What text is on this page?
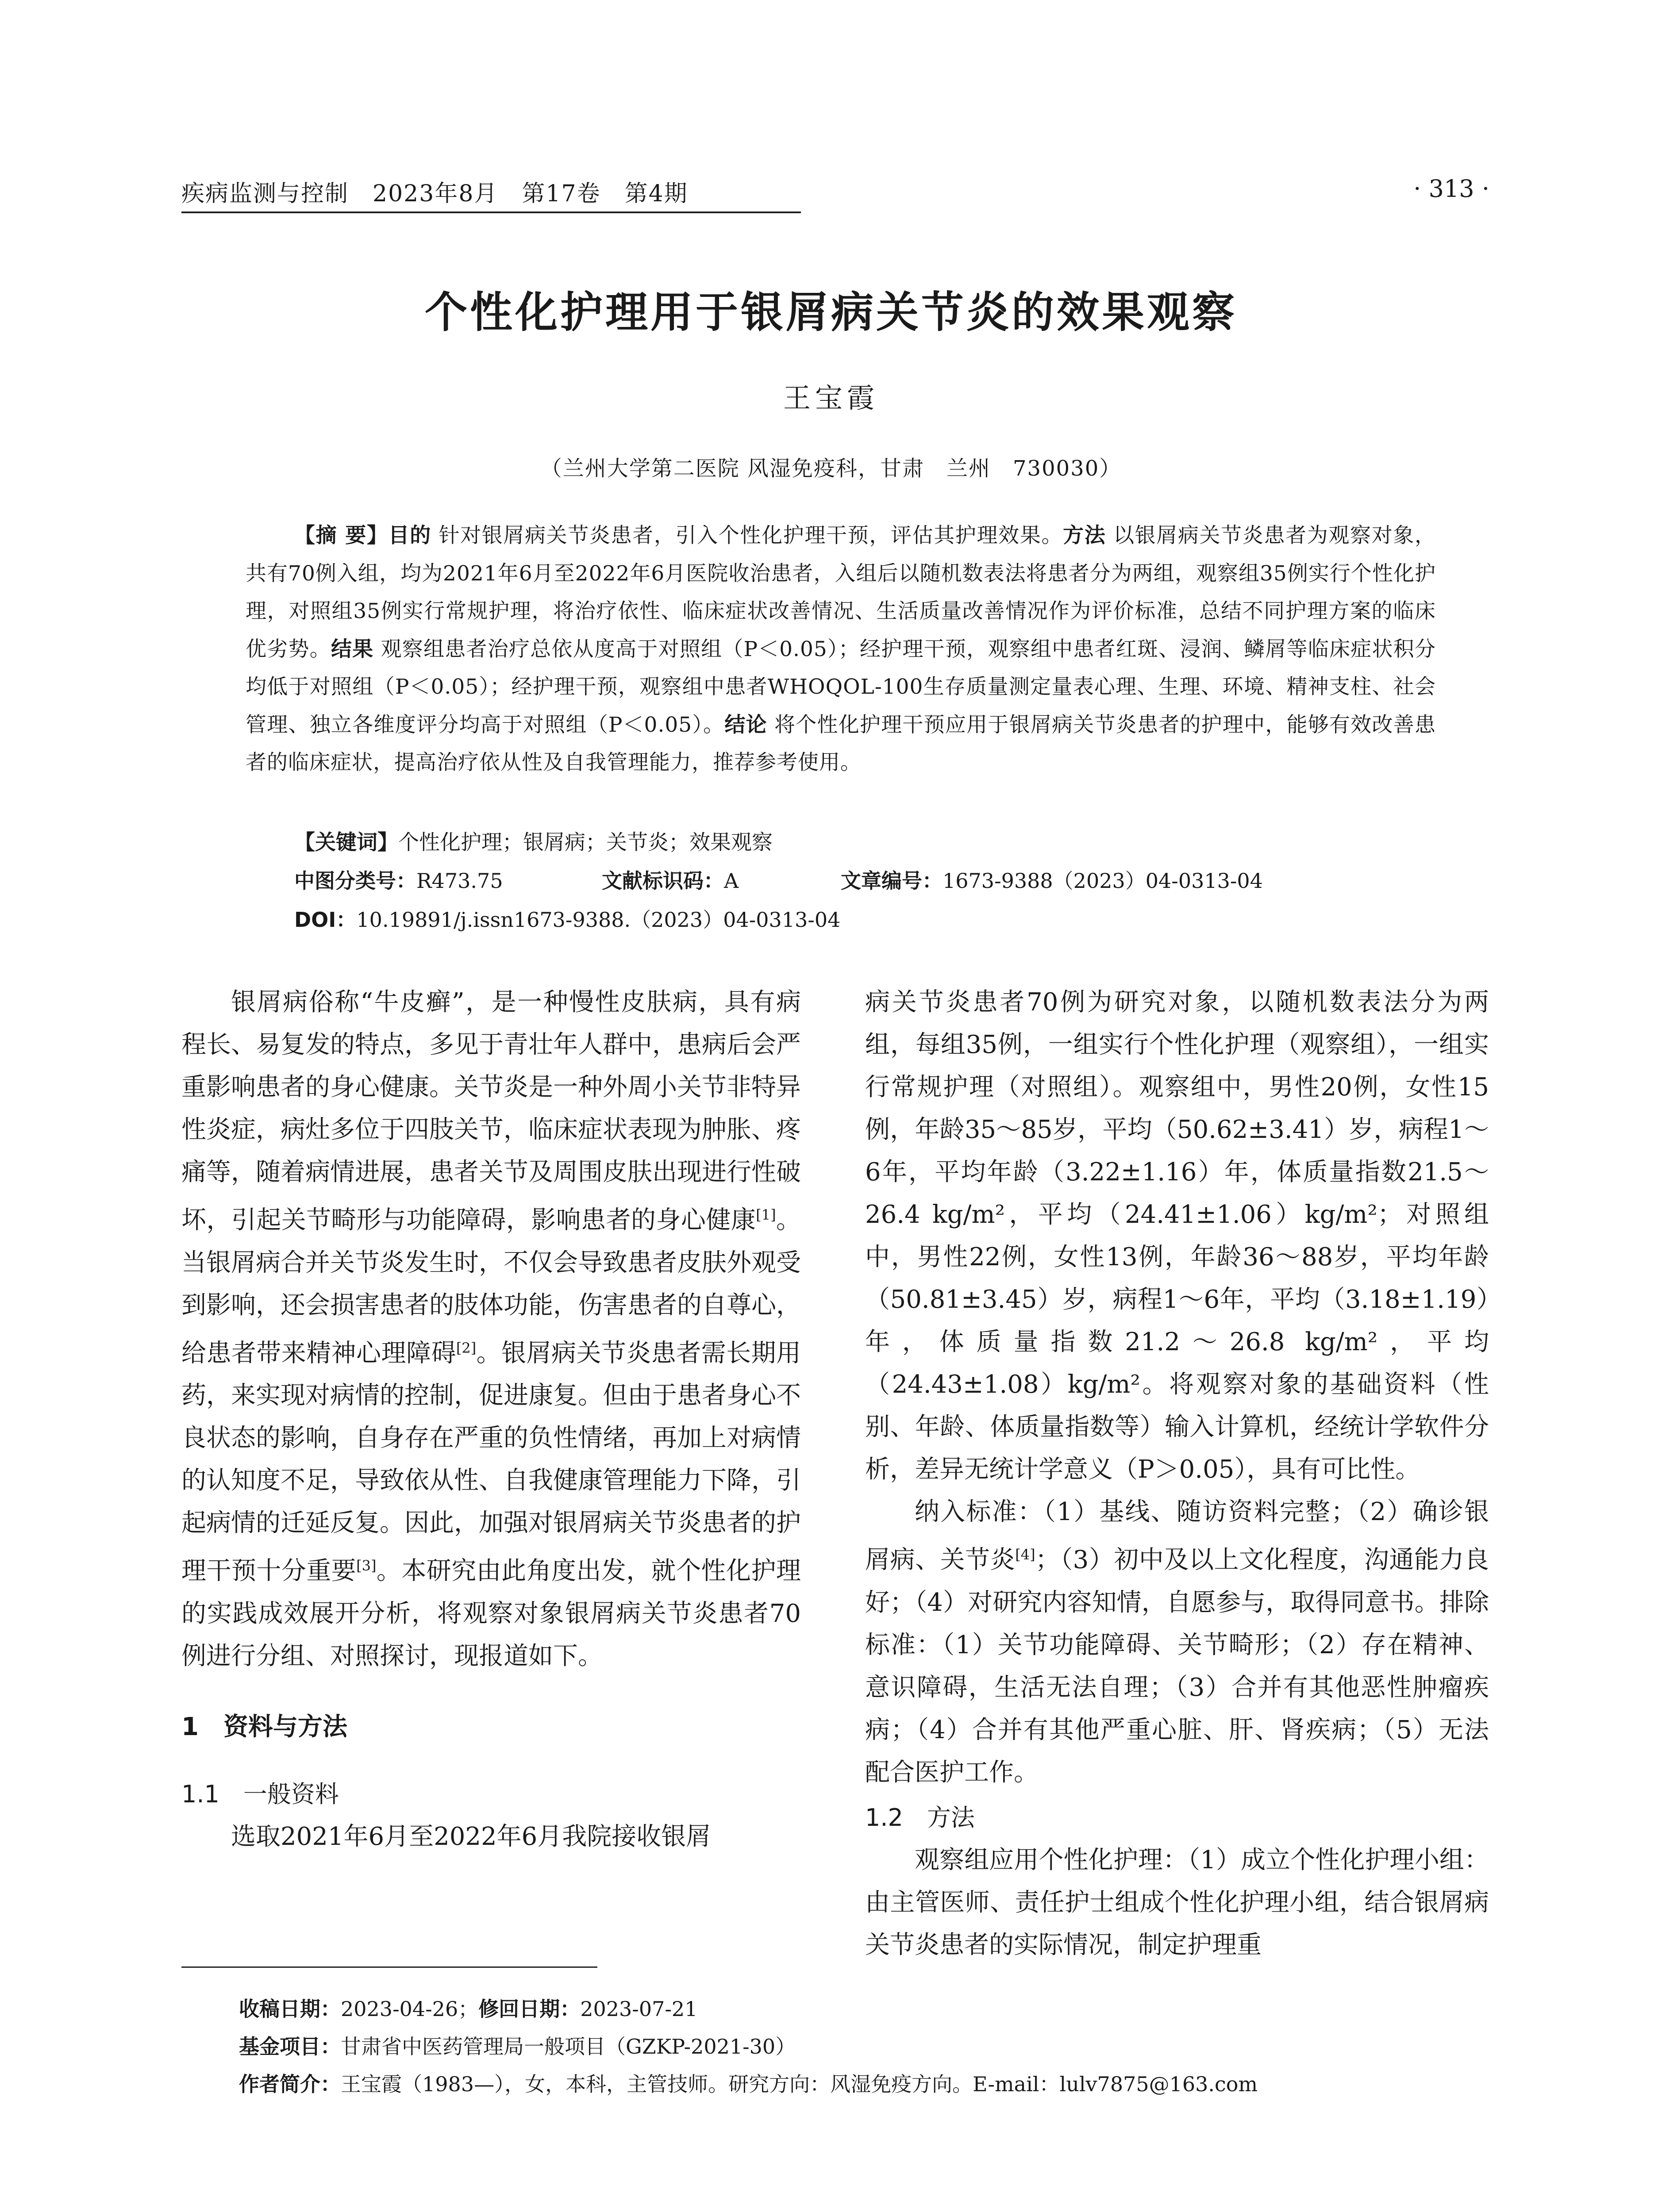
疾病监测与控制　2023年8月　第17卷　第4期	· 313 ·
个性化护理用于银屑病关节炎的效果观察
王宝霞
（兰州大学第二医院 风湿免疫科，甘肃　兰州　730030）

【摘 要】目的 针对银屑病关节炎患者，引入个性化护理干预，评估其护理效果。方法 以银屑病关节炎患者为观察对象，共有70例入组，均为2021年6月至2022年6月医院收治患者，入组后以随机数表法将患者分为两组，观察组35例实行个性化护理，对照组35例实行常规护理，将治疗依性、临床症状改善情况、生活质量改善情况作为评价标准，总结不同护理方案的临床优劣势。结果 观察组患者治疗总依从度高于对照组（P＜0.05）；经护理干预，观察组中患者红斑、浸润、鳞屑等临床症状积分均低于对照组（P＜0.05）；经护理干预，观察组中患者WHOQOL-100生存质量测定量表心理、生理、环境、精神支柱、社会管理、独立各维度评分均高于对照组（P＜0.05）。结论 将个性化护理干预应用于银屑病关节炎患者的护理中，能够有效改善患者的临床症状，提高治疗依从性及自我管理能力，推荐参考使用。

【关键词】个性化护理；银屑病；关节炎；效果观察
中图分类号：R473.75	文献标识码：A	文章编号：1673-9388（2023）04-0313-04
DOI：10.19891/j.issn1673-9388.（2023）04-0313-04

银屑病俗称“牛皮癣”，是一种慢性皮肤病，具有病程长、易复发的特点，多见于青壮年人群中，患病后会严重影响患者的身心健康。关节炎是一种外周小关节非特异性炎症，病灶多位于四肢关节，临床症状表现为肿胀、疼痛等，随着病情进展，患者关节及周围皮肤出现进行性破坏，引起关节畸形与功能障碍，影响患者的身心健康[1]。当银屑病合并关节炎发生时，不仅会导致患者皮肤外观受到影响，还会损害患者的肢体功能，伤害患者的自尊心，给患者带来精神心理障碍[2]。银屑病关节炎患者需长期用药，来实现对病情的控制，促进康复。但由于患者身心不良状态的影响，自身存在严重的负性情绪，再加上对病情的认知度不足，导致依从性、自我健康管理能力下降，引起病情的迁延反复。因此，加强对银屑病关节炎患者的护理干预十分重要[3]。本研究由此角度出发，就个性化护理的实践成效展开分析，将观察对象银屑病关节炎患者70例进行分组、对照探讨，现报道如下。

1　资料与方法

1.1　一般资料

选取2021年6月至2022年6月我院接收银屑

病关节炎患者70例为研究对象，以随机数表法分为两组，每组35例，一组实行个性化护理（观察组），一组实行常规护理（对照组）。观察组中，男性20例，女性15例，年龄35～85岁，平均（50.62±3.41）岁，病程1～6年，平均年龄（3.22±1.16）年，体质量指数21.5～26.4 kg/m²，平均（24.41±1.06）kg/m²；对照组中，男性22例，女性13例，年龄36～88岁，平均年龄（50.81±3.45）岁，病程1～6年，平均（3.18±1.19）年，体质量指数21.2～26.8 kg/m²，平均（24.43±1.08）kg/m²。将观察对象的基础资料（性别、年龄、体质量指数等）输入计算机，经统计学软件分析，差异无统计学意义（P＞0.05），具有可比性。

纳入标准：（1）基线、随访资料完整；（2）确诊银屑病、关节炎[4]；（3）初中及以上文化程度，沟通能力良好；（4）对研究内容知情，自愿参与，取得同意书。排除标准：（1）关节功能障碍、关节畸形；（2）存在精神、意识障碍，生活无法自理；（3）合并有其他恶性肿瘤疾病；（4）合并有其他严重心脏、肝、肾疾病；（5）无法配合医护工作。

1.2　方法

观察组应用个性化护理：（1）成立个性化护理小组：由主管医师、责任护士组成个性化护理小组，结合银屑病关节炎患者的实际情况，制定护理重

收稿日期：2023-04-26；修回日期：2023-07-21
基金项目：甘肃省中医药管理局一般项目（GZKP-2021-30）
作者简介：王宝霞（1983—），女，本科，主管技师。研究方向：风湿免疫方向。E-mail：lulv7875@163.com
